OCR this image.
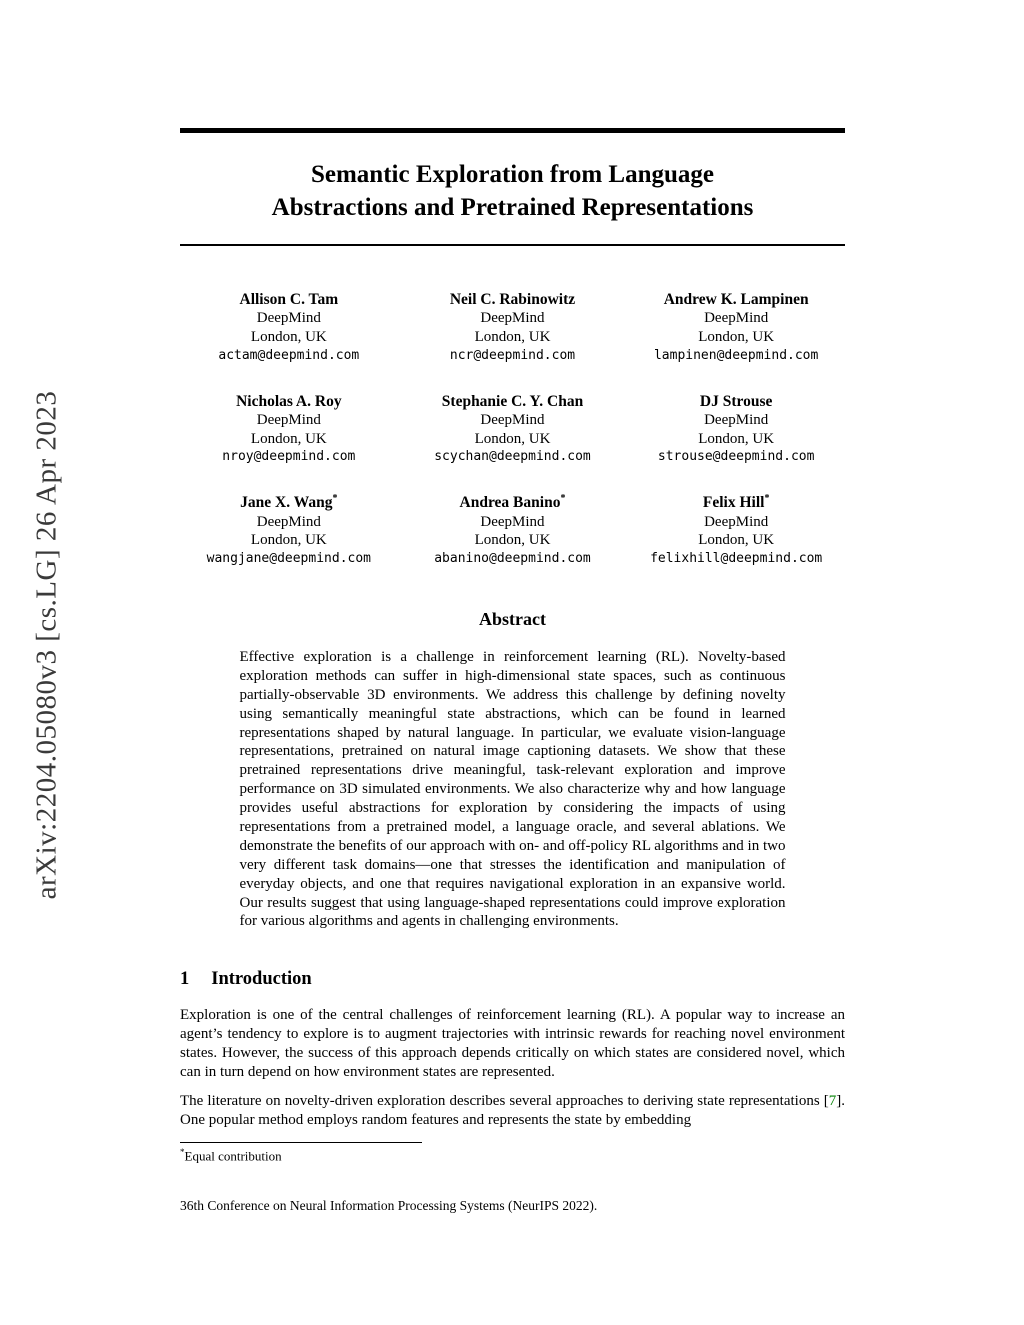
arXiv:2204.05080v3 [cs.LG] 26 Apr 2023
Semantic Exploration from Language
Abstractions and Pretrained Representations
Allison C. Tam
DeepMind
London, UK
actam@deepmind.com
Neil C. Rabinowitz
DeepMind
London, UK
ncr@deepmind.com
Andrew K. Lampinen
DeepMind
London, UK
lampinen@deepmind.com
Nicholas A. Roy
DeepMind
London, UK
nroy@deepmind.com
Stephanie C. Y. Chan
DeepMind
London, UK
scychan@deepmind.com
DJ Strouse
DeepMind
London, UK
strouse@deepmind.com
Jane X. Wang*
DeepMind
London, UK
wangjane@deepmind.com
Andrea Banino*
DeepMind
London, UK
abanino@deepmind.com
Felix Hill*
DeepMind
London, UK
felixhill@deepmind.com
Abstract

Effective exploration is a challenge in reinforcement learning (RL). Novelty-based exploration methods can suffer in high-dimensional state spaces, such as continuous partially-observable 3D environments. We address this challenge by defining novelty using semantically meaningful state abstractions, which can be found in learned representations shaped by natural language. In particular, we evaluate vision-language representations, pretrained on natural image captioning datasets. We show that these pretrained representations drive meaningful, task-relevant exploration and improve performance on 3D simulated environments. We also characterize why and how language provides useful abstractions for exploration by considering the impacts of using representations from a pretrained model, a language oracle, and several ablations. We demonstrate the benefits of our approach with on- and off-policy RL algorithms and in two very different task domains—one that stresses the identification and manipulation of everyday objects, and one that requires navigational exploration in an expansive world. Our results suggest that using language-shaped representations could improve exploration for various algorithms and agents in challenging environments.

1 Introduction

Exploration is one of the central challenges of reinforcement learning (RL). A popular way to increase an agent’s tendency to explore is to augment trajectories with intrinsic rewards for reaching novel environment states. However, the success of this approach depends critically on which states are considered novel, which can in turn depend on how environment states are represented.

The literature on novelty-driven exploration describes several approaches to deriving state representations [7]. One popular method employs random features and represents the state by embedding

*Equal contribution
36th Conference on Neural Information Processing Systems (NeurIPS 2022).
